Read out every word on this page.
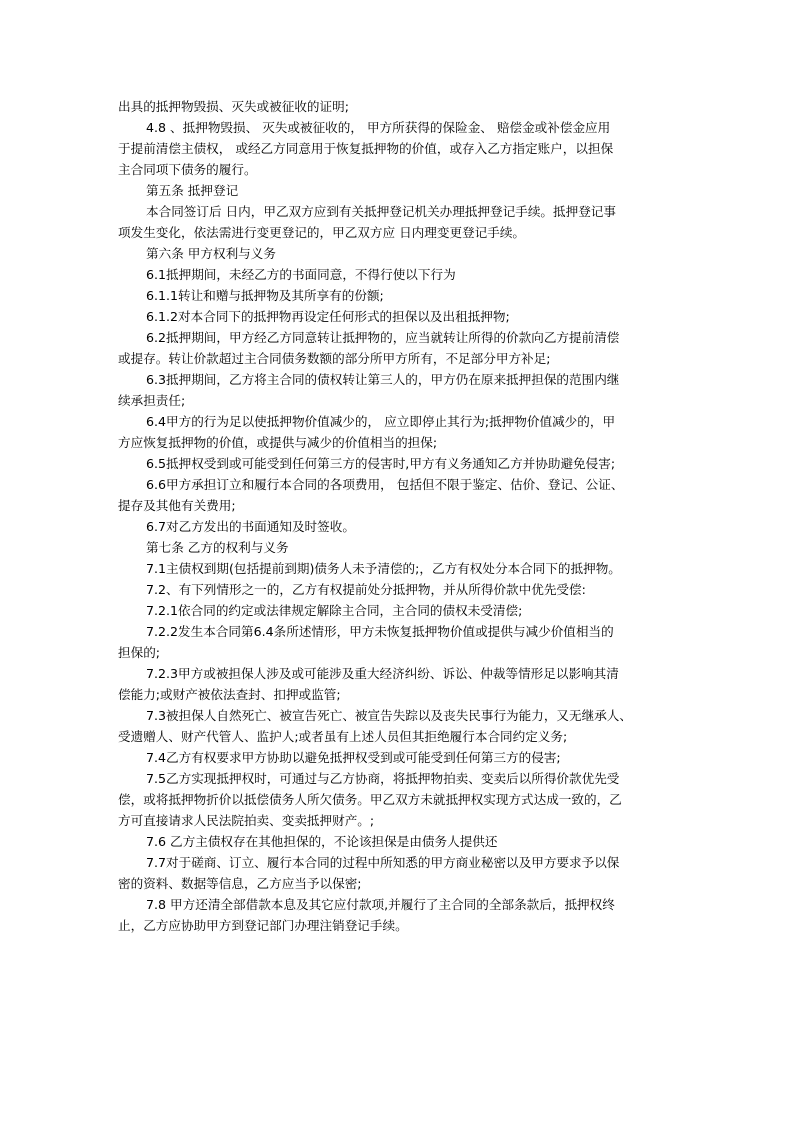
出具的抵押物毁损、灭失或被征收的证明;
4.8 、抵押物毁损、 灭失或被征收的， 甲方所获得的保险金、 赔偿金或补偿金应用
于提前清偿主债权， 或经乙方同意用于恢复抵押物的价值，或存入乙方指定账户，以担保
主合同项下债务的履行。
第五条 抵押登记
本合同签订后 日内，甲乙双方应到有关抵押登记机关办理抵押登记手续。抵押登记事
项发生变化，依法需进行变更登记的，甲乙双方应 日内理变更登记手续。
第六条 甲方权利与义务
6.1抵押期间，未经乙方的书面同意，不得行使以下行为
6.1.1转让和赠与抵押物及其所享有的份额;
6.1.2对本合同下的抵押物再设定任何形式的担保以及出租抵押物;
6.2抵押期间，甲方经乙方同意转让抵押物的，应当就转让所得的价款向乙方提前清偿
或提存。转让价款超过主合同债务数额的部分所甲方所有，不足部分甲方补足;
6.3抵押期间，乙方将主合同的债权转让第三人的，甲方仍在原来抵押担保的范围内继
续承担责任;
6.4甲方的行为足以使抵押物价值减少的， 应立即停止其行为;抵押物价值减少的，甲
方应恢复抵押物的价值，或提供与减少的价值相当的担保;
6.5抵押权受到或可能受到任何第三方的侵害时,甲方有义务通知乙方并协助避免侵害;
6.6甲方承担订立和履行本合同的各项费用， 包括但不限于鉴定、估价、登记、公证、
提存及其他有关费用;
6.7对乙方发出的书面通知及时签收。
第七条 乙方的权利与义务
7.1主债权到期(包括提前到期)债务人未予清偿的;，乙方有权处分本合同下的抵押物。
7.2、有下列情形之一的，乙方有权提前处分抵押物，并从所得价款中优先受偿:
7.2.1依合同的约定或法律规定解除主合同，主合同的债权未受清偿;
7.2.2发生本合同第6.4条所述情形，甲方未恢复抵押物价值或提供与减少价值相当的
担保的;
7.2.3甲方或被担保人涉及或可能涉及重大经济纠纷、诉讼、仲裁等情形足以影响其清
偿能力;或财产被依法查封、扣押或监管;
7.3被担保人自然死亡、被宣告死亡、被宣告失踪以及丧失民事行为能力，又无继承人、
受遗赠人、财产代管人、监护人;或者虽有上述人员但其拒绝履行本合同约定义务;
7.4乙方有权要求甲方协助以避免抵押权受到或可能受到任何第三方的侵害;
7.5乙方实现抵押权时，可通过与乙方协商，将抵押物拍卖、变卖后以所得价款优先受
偿，或将抵押物折价以抵偿债务人所欠债务。甲乙双方未就抵押权实现方式达成一致的，乙
方可直接请求人民法院拍卖、变卖抵押财产。;
7.6 乙方主债权存在其他担保的，不论该担保是由债务人提供还
7.7对于磋商、订立、履行本合同的过程中所知悉的甲方商业秘密以及甲方要求予以保
密的资料、数据等信息，乙方应当予以保密;
7.8 甲方还清全部借款本息及其它应付款项,并履行了主合同的全部条款后，抵押权终
止，乙方应协助甲方到登记部门办理注销登记手续。
